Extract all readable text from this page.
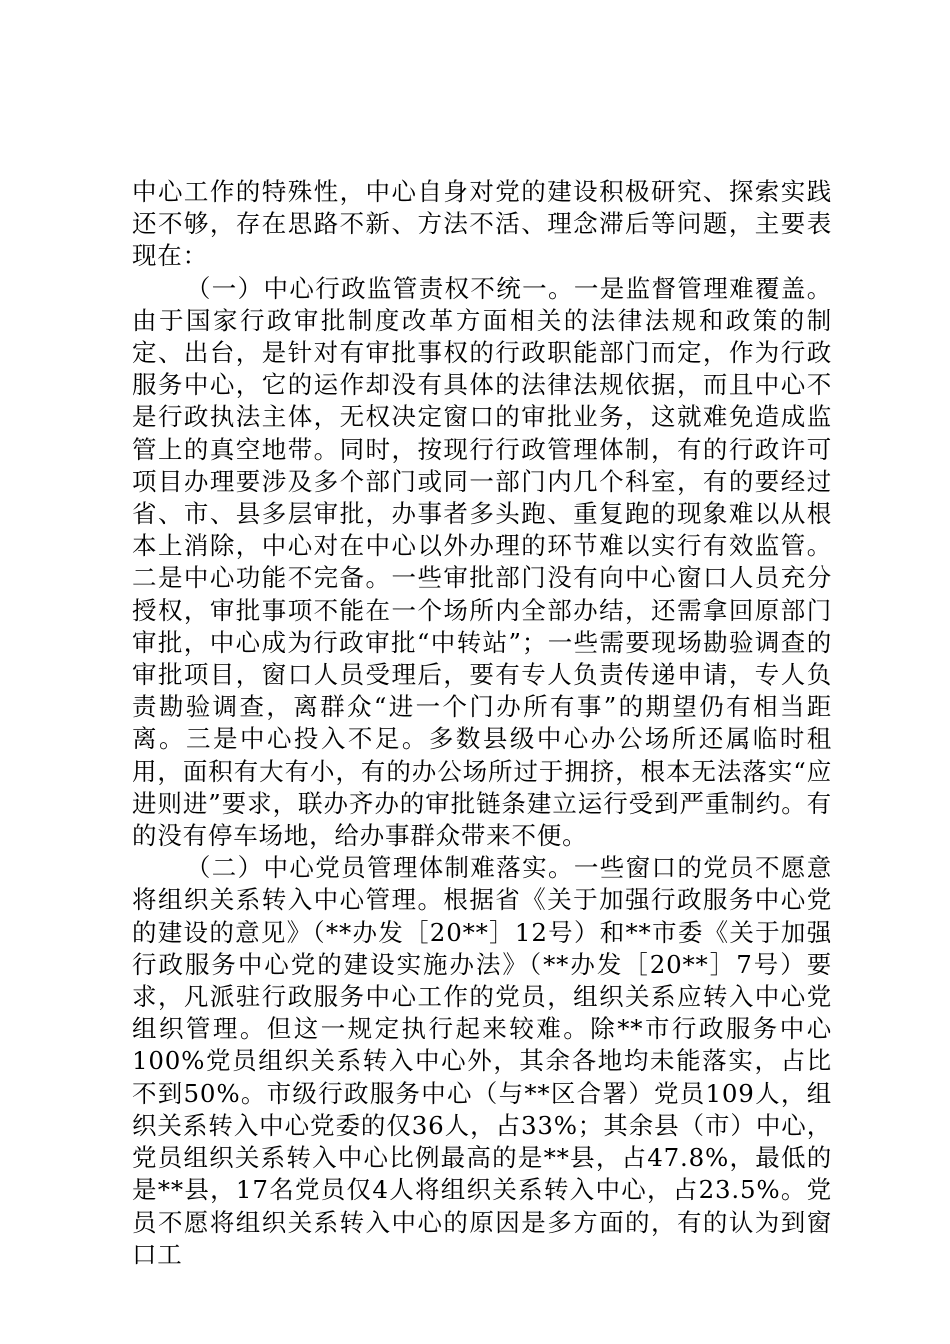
中心工作的特殊性，中心自身对党的建设积极研究、探索实践还不够，存在思路不新、方法不活、理念滞后等问题，主要表现在：

（一）中心行政监管责权不统一。一是监督管理难覆盖。由于国家行政审批制度改革方面相关的法律法规和政策的制定、出台，是针对有审批事权的行政职能部门而定，作为行政服务中心，它的运作却没有具体的法律法规依据，而且中心不是行政执法主体，无权决定窗口的审批业务，这就难免造成监管上的真空地带。同时，按现行行政管理体制，有的行政许可项目办理要涉及多个部门或同一部门内几个科室，有的要经过省、市、县多层审批，办事者多头跑、重复跑的现象难以从根本上消除，中心对在中心以外办理的环节难以实行有效监管。二是中心功能不完备。一些审批部门没有向中心窗口人员充分授权，审批事项不能在一个场所内全部办结，还需拿回原部门审批，中心成为行政审批“中转站”；一些需要现场勘验调查的审批项目，窗口人员受理后，要有专人负责传递申请，专人负责勘验调查，离群众“进一个门办所有事”的期望仍有相当距离。三是中心投入不足。多数县级中心办公场所还属临时租用，面积有大有小，有的办公场所过于拥挤，根本无法落实“应进则进”要求，联办齐办的审批链条建立运行受到严重制约。有的没有停车场地，给办事群众带来不便。

（二）中心党员管理体制难落实。一些窗口的党员不愿意将组织关系转入中心管理。根据省《关于加强行政服务中心党的建设的意见》（**办发［20**］12号）和**市委《关于加强行政服务中心党的建设实施办法》（**办发［20**］7号）要求，凡派驻行政服务中心工作的党员，组织关系应转入中心党组织管理。但这一规定执行起来较难。除**市行政服务中心100%党员组织关系转入中心外，其余各地均未能落实，占比不到50%。市级行政服务中心（与**区合署）党员109人，组织关系转入中心党委的仅36人，占33%；其余县（市）中心，党员组织关系转入中心比例最高的是**县，占47.8%，最低的是**县，17名党员仅4人将组织关系转入中心，占23.5%。党员不愿将组织关系转入中心的原因是多方面的，有的认为到窗口工
